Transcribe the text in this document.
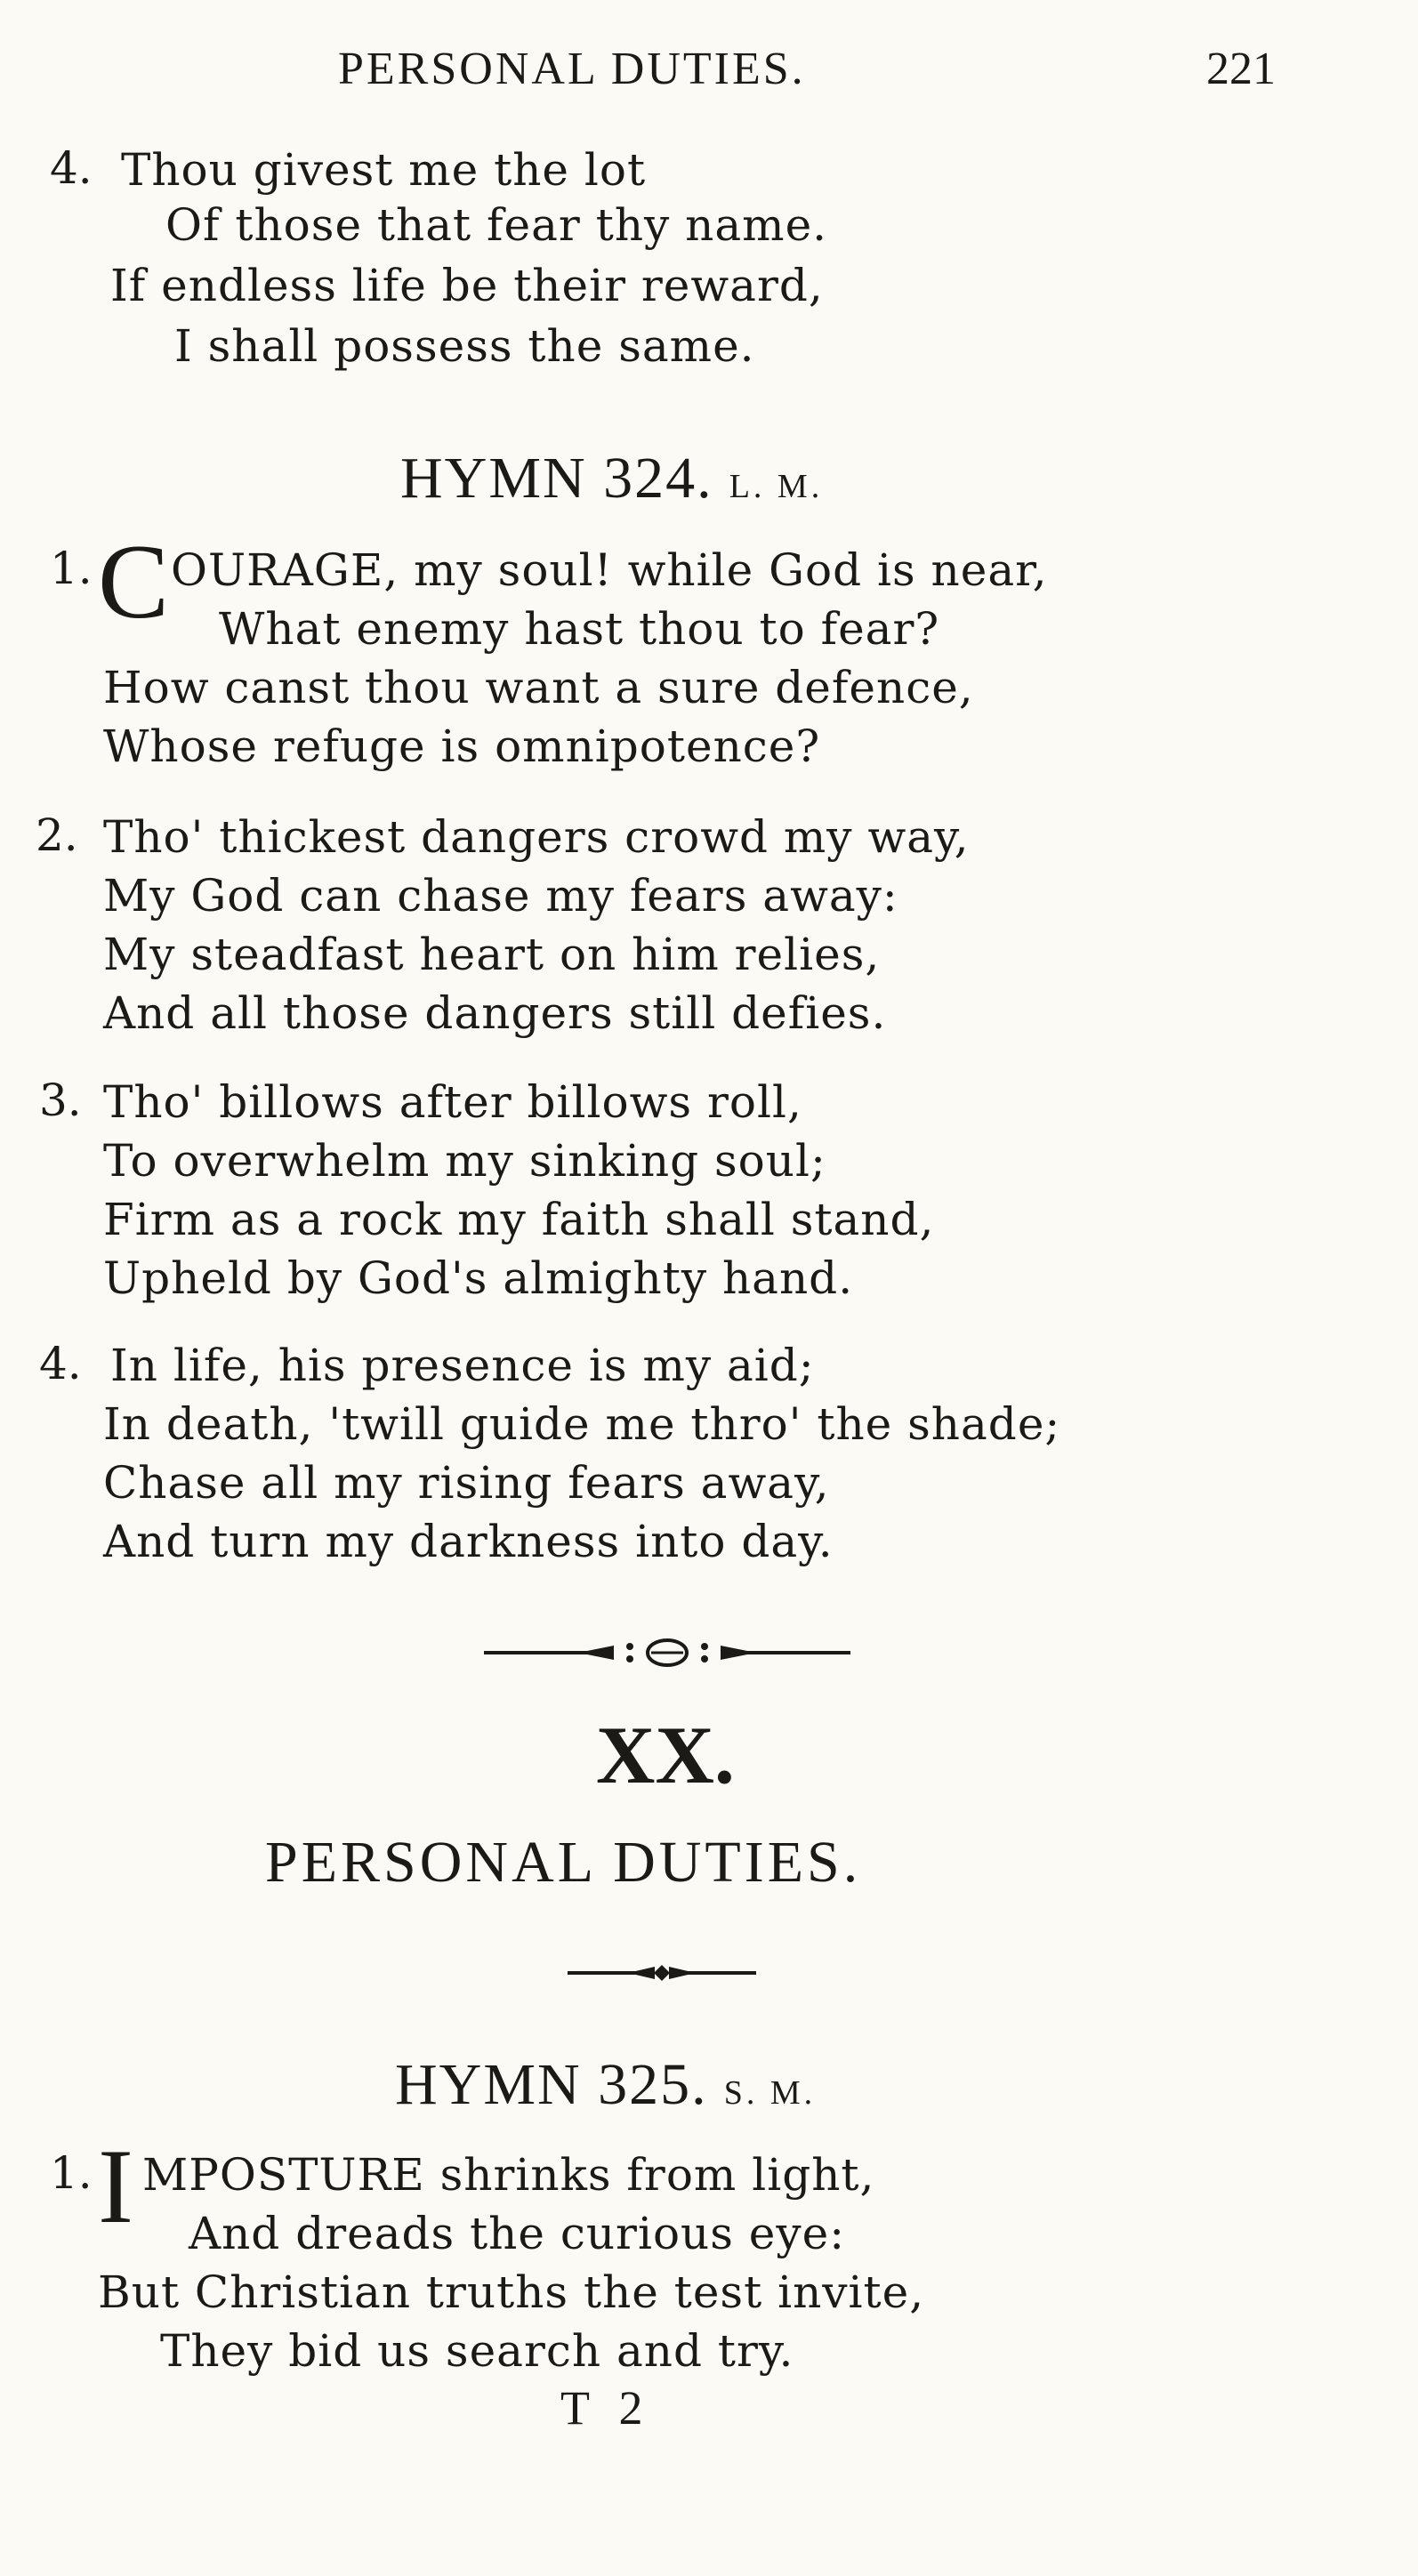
PERSONAL DUTIES.	221
4. Thou givest me the lot
Of those that fear thy name.
If endless life be their reward,
I shall possess the same.
HYMN 324. L. M.
1. C OURAGE, my soul! while God is near,
What enemy hast thou to fear?
How canst thou want a sure defence,
Whose refuge is omnipotence?
2. Tho' thickest dangers crowd my way,
My God can chase my fears away:
My steadfast heart on him relies,
And all those dangers still defies.
3. Tho' billows after billows roll,
To overwhelm my sinking soul;
Firm as a rock my faith shall stand,
Upheld by God's almighty hand.
4. In life, his presence is my aid;
In death, 'twill guide me thro' the shade;
Chase all my rising fears away,
And turn my darkness into day.
XX.
PERSONAL DUTIES.
HYMN 325. S. M.
1. I MPOSTURE shrinks from light,
And dreads the curious eye:
But Christian truths the test invite,
They bid us search and try.
T 2
